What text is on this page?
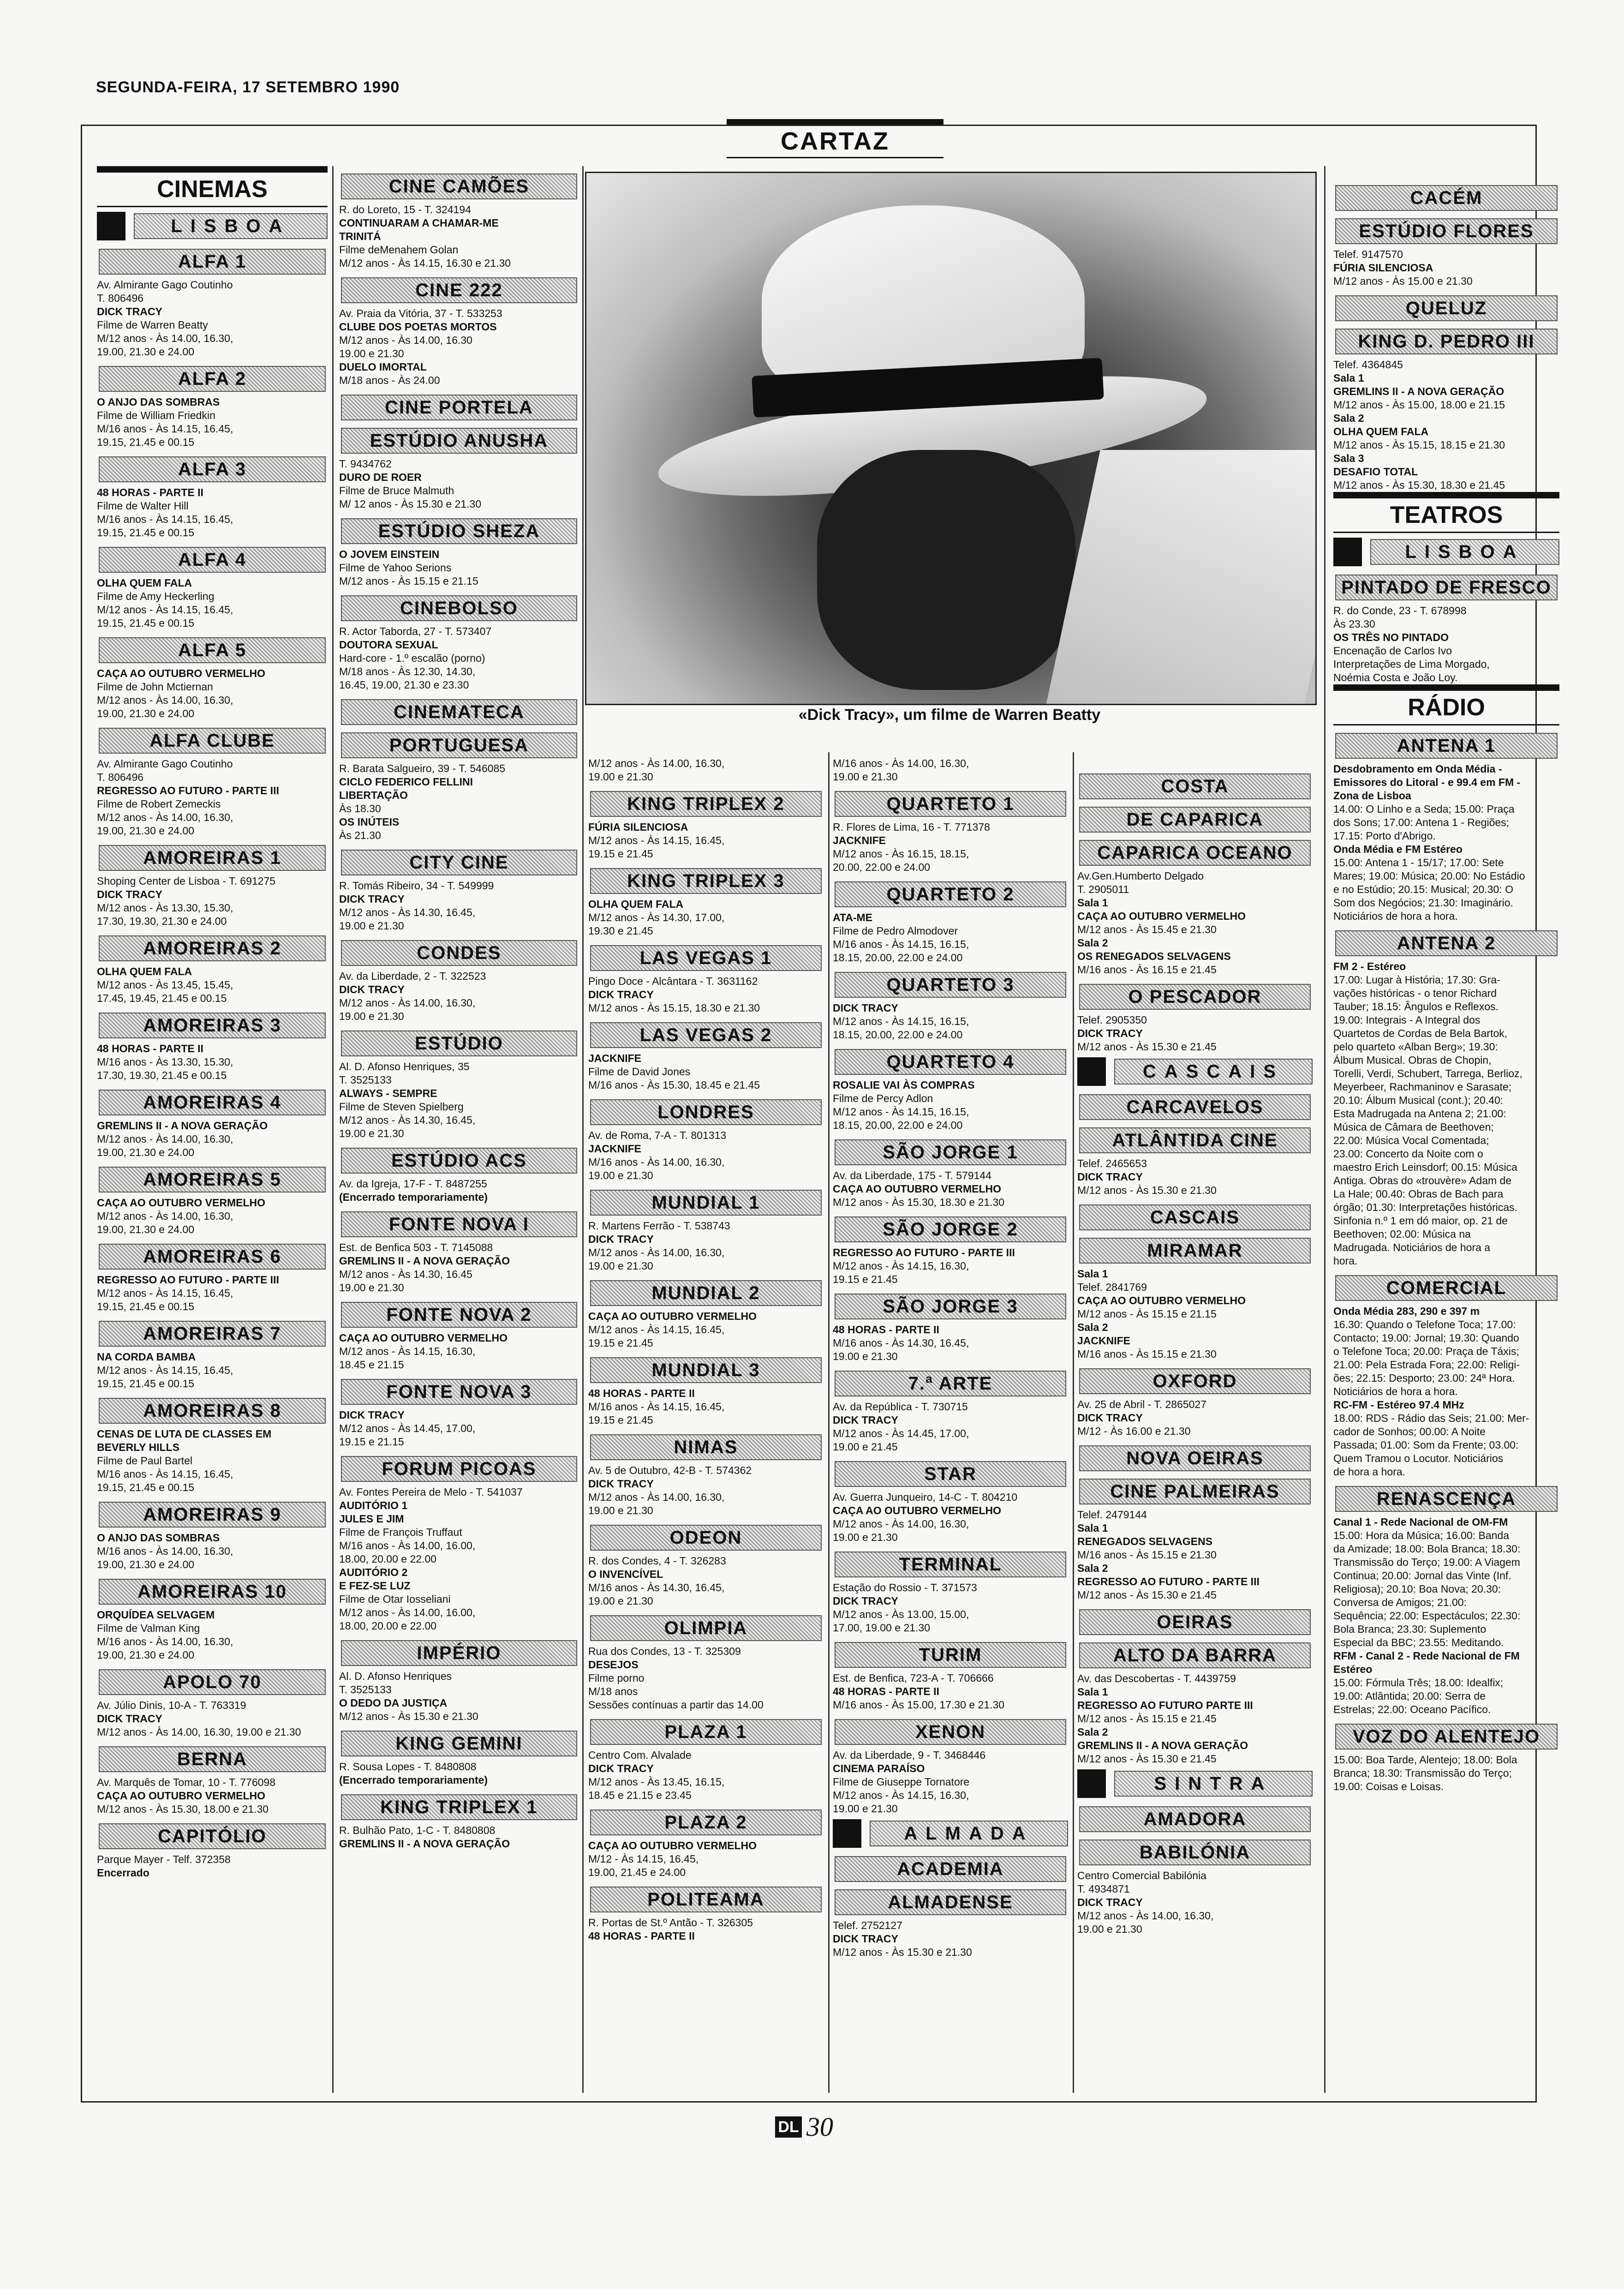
SEGUNDA-FEIRA, 17 SETEMBRO 1990
CARTAZ
«Dick Tracy», um filme de Warren Beatty
CINEMAS
LISBOA
ALFA 1
Av. Almirante Gago Coutinho
T. 806496
DICK TRACY
Filme de Warren Beatty
M/12 anos - Às 14.00, 16.30,
19.00, 21.30 e 24.00
ALFA 2
O ANJO DAS SOMBRAS
Filme de William Friedkin
M/16 anos - Às 14.15, 16.45,
19.15, 21.45 e 00.15
ALFA 3
48 HORAS - PARTE II
Filme de Walter Hill
M/16 anos - Às 14.15, 16.45,
19.15, 21.45 e 00.15
ALFA 4
OLHA QUEM FALA
Filme de Amy Heckerling
M/12 anos - Às 14.15, 16.45,
19.15, 21.45 e 00.15
ALFA 5
CAÇA AO OUTUBRO VERMELHO
Filme de John Mctiernan
M/12 anos - Às 14.00, 16.30,
19.00, 21.30 e 24.00
ALFA CLUBE
Av. Almirante Gago Coutinho
T. 806496
REGRESSO AO FUTURO - PARTE III
Filme de Robert Zemeckis
M/12 anos - Às 14.00, 16.30,
19.00, 21.30 e 24.00
AMOREIRAS 1
Shoping Center de Lisboa - T. 691275
DICK TRACY
M/12 anos - Às 13.30, 15.30,
17.30, 19.30, 21.30 e 24.00
AMOREIRAS 2
OLHA QUEM FALA
M/12 anos - Às 13.45, 15.45,
17.45, 19.45, 21.45 e 00.15
AMOREIRAS 3
48 HORAS - PARTE II
M/16 anos - Às 13.30, 15.30,
17.30, 19.30, 21.45 e 00.15
AMOREIRAS 4
GREMLINS II - A NOVA GERAÇÃO
M/12 anos - Às 14.00, 16.30,
19.00, 21.30 e 24.00
AMOREIRAS 5
CAÇA AO OUTUBRO VERMELHO
M/12 anos - Às 14.00, 16.30,
19.00, 21.30 e 24.00
AMOREIRAS 6
REGRESSO AO FUTURO - PARTE III
M/12 anos - Às 14.15, 16.45,
19.15, 21.45 e 00.15
AMOREIRAS 7
NA CORDA BAMBA
M/12 anos - Às 14.15, 16.45,
19.15, 21.45 e 00.15
AMOREIRAS 8
CENAS DE LUTA DE CLASSES EM
BEVERLY HILLS
Filme de Paul Bartel
M/16 anos - Às 14.15, 16.45,
19.15, 21.45 e 00.15
AMOREIRAS 9
O ANJO DAS SOMBRAS
M/16 anos - Às 14.00, 16.30,
19.00, 21.30 e 24.00
AMOREIRAS 10
ORQUÍDEA SELVAGEM
Filme de Valman King
M/16 anos - Às 14.00, 16.30,
19.00, 21.30 e 24.00
APOLO 70
Av. Júlio Dinis, 10-A - T. 763319
DICK TRACY
M/12 anos - Às 14.00, 16.30, 19.00 e 21.30
BERNA
Av. Marquês de Tomar, 10 - T. 776098
CAÇA AO OUTUBRO VERMELHO
M/12 anos - Às 15.30, 18.00 e 21.30
CAPITÓLIO
Parque Mayer - Telf. 372358
Encerrado
CINE CAMÕES
R. do Loreto, 15 - T. 324194
CONTINUARAM A CHAMAR-ME
TRINITÁ
Filme deMenahem Golan
M/12 anos - Às 14.15, 16.30 e 21.30
CINE 222
Av. Praia da Vitória, 37 - T. 533253
CLUBE DOS POETAS MORTOS
M/12 anos - Às 14.00, 16.30
19.00 e 21.30
DUELO IMORTAL
M/18 anos - Às 24.00
CINE PORTELA
ESTÚDIO ANUSHA
T. 9434762
DURO DE ROER
Filme de Bruce Malmuth
M/ 12 anos - Às 15.30 e 21.30
ESTÚDIO SHEZA
O JOVEM EINSTEIN
Filme de Yahoo Serions
M/12 anos - Às 15.15 e 21.15
CINEBOLSO
R. Actor Taborda, 27 - T. 573407
DOUTORA SEXUAL
Hard-core - 1.º escalão (porno)
M/18 anos - Às 12.30, 14.30,
16.45, 19.00, 21.30 e 23.30
CINEMATECA
PORTUGUESA
R. Barata Salgueiro, 39 - T. 546085
CICLO FEDERICO FELLINI
LIBERTAÇÃO
Às 18.30
OS INÚTEIS
Às 21.30
CITY CINE
R. Tomás Ribeiro, 34 - T. 549999
DICK TRACY
M/12 anos - Às 14.30, 16.45,
19.00 e 21.30
CONDES
Av. da Liberdade, 2 - T. 322523
DICK TRACY
M/12 anos - Às 14.00, 16.30,
19.00 e 21.30
ESTÚDIO
Al. D. Afonso Henriques, 35
T. 3525133
ALWAYS - SEMPRE
Filme de Steven Spielberg
M/12 anos - Às 14.30, 16.45,
19.00 e 21.30
ESTÚDIO ACS
Av. da Igreja, 17-F - T. 8487255
(Encerrado temporariamente)
FONTE NOVA I
Est. de Benfica 503 - T. 7145088
GREMLINS II - A NOVA GERAÇÃO
M/12 anos - Às 14.30, 16.45
19.00 e 21.30
FONTE NOVA 2
CAÇA AO OUTUBRO VERMELHO
M/12 anos - Às 14.15, 16.30,
18.45 e 21.15
FONTE NOVA 3
DICK TRACY
M/12 anos - Às 14.45, 17.00,
19.15 e 21.15
FORUM PICOAS
Av. Fontes Pereira de Melo - T. 541037
AUDITÓRIO 1
JULES E JIM
Filme de François Truffaut
M/16 anos - Às 14.00, 16.00,
18.00, 20.00 e 22.00
AUDITÓRIO 2
E FEZ-SE LUZ
Filme de Otar Iosseliani
M/12 anos - Às 14.00, 16.00,
18.00, 20.00 e 22.00
IMPÉRIO
Al. D. Afonso Henriques
T. 3525133
O DEDO DA JUSTIÇA
M/12 anos - Às 15.30 e 21.30
KING GEMINI
R. Sousa Lopes - T. 8480808
(Encerrado temporariamente)
KING TRIPLEX 1
R. Bulhão Pato, 1-C - T. 8480808
GREMLINS II - A NOVA GERAÇÃO
M/12 anos - Às 14.00, 16.30,
19.00 e 21.30
KING TRIPLEX 2
FÚRIA SILENCIOSA
M/12 anos - Às 14.15, 16.45,
19.15 e 21.45
KING TRIPLEX 3
OLHA QUEM FALA
M/12 anos - Às 14.30, 17.00,
19.30 e 21.45
LAS VEGAS 1
Pingo Doce - Alcântara - T. 3631162
DICK TRACY
M/12 anos - Às 15.15, 18.30 e 21.30
LAS VEGAS 2
JACKNIFE
Filme de David Jones
M/16 anos - Às 15.30, 18.45 e 21.45
LONDRES
Av. de Roma, 7-A - T. 801313
JACKNIFE
M/16 anos - Às 14.00, 16.30,
19.00 e 21.30
MUNDIAL 1
R. Martens Ferrão - T. 538743
DICK TRACY
M/12 anos - Às 14.00, 16.30,
19.00 e 21.30
MUNDIAL 2
CAÇA AO OUTUBRO VERMELHO
M/12 anos - Às 14.15, 16.45,
19.15 e 21.45
MUNDIAL 3
48 HORAS - PARTE II
M/16 anos - Às 14.15, 16.45,
19.15 e 21.45
NIMAS
Av. 5 de Outubro, 42-B - T. 574362
DICK TRACY
M/12 anos - Às 14.00, 16.30,
19.00 e 21.30
ODEON
R. dos Condes, 4 - T. 326283
O INVENCÍVEL
M/16 anos - Às 14.30, 16.45,
19.00 e 21.30
OLIMPIA
Rua dos Condes, 13 - T. 325309
DESEJOS
Filme porno
M/18 anos
Sessões contínuas a partir das 14.00
PLAZA 1
Centro Com. Alvalade
DICK TRACY
M/12 anos - Às 13.45, 16.15,
18.45 e 21.15 e 23.45
PLAZA 2
CAÇA AO OUTUBRO VERMELHO
M/12 - Às 14.15, 16.45,
19.00, 21.45 e 24.00
POLITEAMA
R. Portas de St.º Antão - T. 326305
48 HORAS - PARTE II
M/16 anos - Às 14.00, 16.30,
19.00 e 21.30
QUARTETO 1
R. Flores de Lima, 16 - T. 771378
JACKNIFE
M/12 anos - Às 16.15, 18.15,
20.00, 22.00 e 24.00
QUARTETO 2
ATA-ME
Filme de Pedro Almodover
M/16 anos - Às 14.15, 16.15,
18.15, 20.00, 22.00 e 24.00
QUARTETO 3
DICK TRACY
M/12 anos - Às 14.15, 16.15,
18.15, 20.00, 22.00 e 24.00
QUARTETO 4
ROSALIE VAI ÀS COMPRAS
Filme de Percy Adlon
M/12 anos - Às 14.15, 16.15,
18.15, 20.00, 22.00 e 24.00
SÃO JORGE 1
Av. da Liberdade, 175 - T. 579144
CAÇA AO OUTUBRO VERMELHO
M/12 anos - Às 15.30, 18.30 e 21.30
SÃO JORGE 2
REGRESSO AO FUTURO - PARTE III
M/12 anos - Às 14.15, 16.30,
19.15 e 21.45
SÃO JORGE 3
48 HORAS - PARTE II
M/16 anos - Às 14.30, 16.45,
19.00 e 21.30
7.ª ARTE
Av. da República - T. 730715
DICK TRACY
M/12 anos - Às 14.45, 17.00,
19.00 e 21.45
STAR
Av. Guerra Junqueiro, 14-C - T. 804210
CAÇA AO OUTUBRO VERMELHO
M/12 anos - Às 14.00, 16.30,
19.00 e 21.30
TERMINAL
Estação do Rossio - T. 371573
DICK TRACY
M/12 anos - Às 13.00, 15.00,
17.00, 19.00 e 21.30
TURIM
Est. de Benfica, 723-A - T. 706666
48 HORAS - PARTE II
M/16 anos - Às 15.00, 17.30 e 21.30
XENON
Av. da Liberdade, 9 - T. 3468446
CINEMA PARAÍSO
Filme de Giuseppe Tornatore
M/12 anos - Às 14.15, 16.30,
19.00 e 21.30
ALMADA
ACADEMIA
ALMADENSE
Telef. 2752127
DICK TRACY
M/12 anos - Às 15.30 e 21.30
COSTA
DE CAPARICA
CAPARICA OCEANO
Av.Gen.Humberto Delgado
T. 2905011
Sala 1
CAÇA AO OUTUBRO VERMELHO
M/12 anos - Às 15.45 e 21.30
Sala 2
OS RENEGADOS SELVAGENS
M/16 anos - Às 16.15 e 21.45
O PESCADOR
Telef. 2905350
DICK TRACY
M/12 anos - Às 15.30 e 21.45
CASCAIS
CARCAVELOS
ATLÂNTIDA CINE
Telef. 2465653
DICK TRACY
M/12 anos - Às 15.30 e 21.30
CASCAIS
MIRAMAR
Sala 1
Telef. 2841769
CAÇA AO OUTUBRO VERMELHO
M/12 anos - Às 15.15 e 21.15
Sala 2
JACKNIFE
M/16 anos - Às 15.15 e 21.30
OXFORD
Av. 25 de Abril - T. 2865027
DICK TRACY
M/12 - Às 16.00 e 21.30
NOVA OEIRAS
CINE PALMEIRAS
Telef. 2479144
Sala 1
RENEGADOS SELVAGENS
M/16 anos - Às 15.15 e 21.30
Sala 2
REGRESSO AO FUTURO - PARTE III
M/12 anos - Às 15.30 e 21.45
OEIRAS
ALTO DA BARRA
Av. das Descobertas - T. 4439759
Sala 1
REGRESSO AO FUTURO PARTE III
M/12 anos - Às 15.15 e 21.45
Sala 2
GREMLINS II - A NOVA GERAÇÃO
M/12 anos - Às 15.30 e 21.45
SINTRA
AMADORA
BABILÓNIA
Centro Comercial Babilónia
T. 4934871
DICK TRACY
M/12 anos - Às 14.00, 16.30,
19.00 e 21.30
CACÉM
ESTÚDIO FLORES
Telef. 9147570
FÚRIA SILENCIOSA
M/12 anos - Às 15.00 e 21.30
QUELUZ
KING D. PEDRO III
Telef. 4364845
Sala 1
GREMLINS II - A NOVA GERAÇÃO
M/12 anos - Às 15.00, 18.00 e 21.15
Sala 2
OLHA QUEM FALA
M/12 anos - Às 15.15, 18.15 e 21.30
Sala 3
DESAFIO TOTAL
M/12 anos - Às 15.30, 18.30 e 21.45
TEATROS
LISBOA
PINTADO DE FRESCO
R. do Conde, 23 - T. 678998
Às 23.30
OS TRÊS NO PINTADO
Encenação de Carlos Ivo
Interpretações de Lima Morgado,
Noémia Costa e João Loy.
RÁDIO
ANTENA 1
Desdobramento em Onda Média -
Emissores do Litoral - e 99.4 em FM -
Zona de Lisboa
14.00: O Linho e a Seda; 15.00: Praça
dos Sons; 17.00: Antena 1 - Regiões;
17.15: Porto d'Abrigo.
Onda Média e FM Estéreo
15.00: Antena 1 - 15/17; 17.00: Sete
Mares; 19.00: Música; 20.00: No Estádio
e no Estúdio; 20.15: Musical; 20.30: O
Som dos Negócios; 21.30: Imaginário.
Noticiários de hora a hora.
ANTENA 2
FM 2 - Estéreo
17.00: Lugar à História; 17.30: Gra-
vações históricas - o tenor Richard
Tauber; 18.15: Ângulos e Reflexos.
19.00: Integrais - A Integral dos
Quartetos de Cordas de Bela Bartok,
pelo quarteto «Alban Berg»; 19.30:
Álbum Musical. Obras de Chopin,
Torelli, Verdi, Schubert, Tarrega, Berlioz,
Meyerbeer, Rachmaninov e Sarasate;
20.10: Álbum Musical (cont.); 20.40:
Esta Madrugada na Antena 2; 21.00:
Música de Câmara de Beethoven;
22.00: Música Vocal Comentada;
23.00: Concerto da Noite com o
maestro Erich Leinsdorf; 00.15: Música
Antiga. Obras do «trouvère» Adam de
La Hale; 00.40: Obras de Bach para
órgão; 01.30: Interpretações históricas.
Sinfonia n.º 1 em dó maior, op. 21 de
Beethoven; 02.00: Música na
Madrugada. Noticiários de hora a
hora.
COMERCIAL
Onda Média 283, 290 e 397 m
16.30: Quando o Telefone Toca; 17.00:
Contacto; 19.00: Jornal; 19.30: Quando
o Telefone Toca; 20.00: Praça de Táxis;
21.00: Pela Estrada Fora; 22.00: Religi-
ões; 22.15: Desporto; 23.00: 24ª Hora.
Noticiários de hora a hora.
RC-FM - Estéreo 97.4 MHz
18.00: RDS - Rádio das Seis; 21.00: Mer-
cador de Sonhos; 00.00: A Noite
Passada; 01.00: Som da Frente; 03.00:
Quem Tramou o Locutor. Noticiários
de hora a hora.
RENASCENÇA
Canal 1 - Rede Nacional de OM-FM
15.00: Hora da Música; 16.00: Banda
da Amizade; 18.00: Bola Branca; 18.30:
Transmissão do Terço; 19.00: A Viagem
Continua; 20.00: Jornal das Vinte (Inf.
Religiosa); 20.10: Boa Nova; 20.30:
Conversa de Amigos; 21.00:
Sequência; 22.00: Espectáculos; 22.30:
Bola Branca; 23.30: Suplemento
Especial da BBC; 23.55: Meditando.
RFM - Canal 2 - Rede Nacional de FM
Estéreo
15.00: Fórmula Três; 18.00: Idealfix;
19.00: Atlântida; 20.00: Serra de
Estrelas; 22.00: Oceano Pacífico.
VOZ DO ALENTEJO
15.00: Boa Tarde, Alentejo; 18.00: Bola
Branca; 18.30: Transmissão do Terço;
19.00: Coisas e Loisas.
DL 30
